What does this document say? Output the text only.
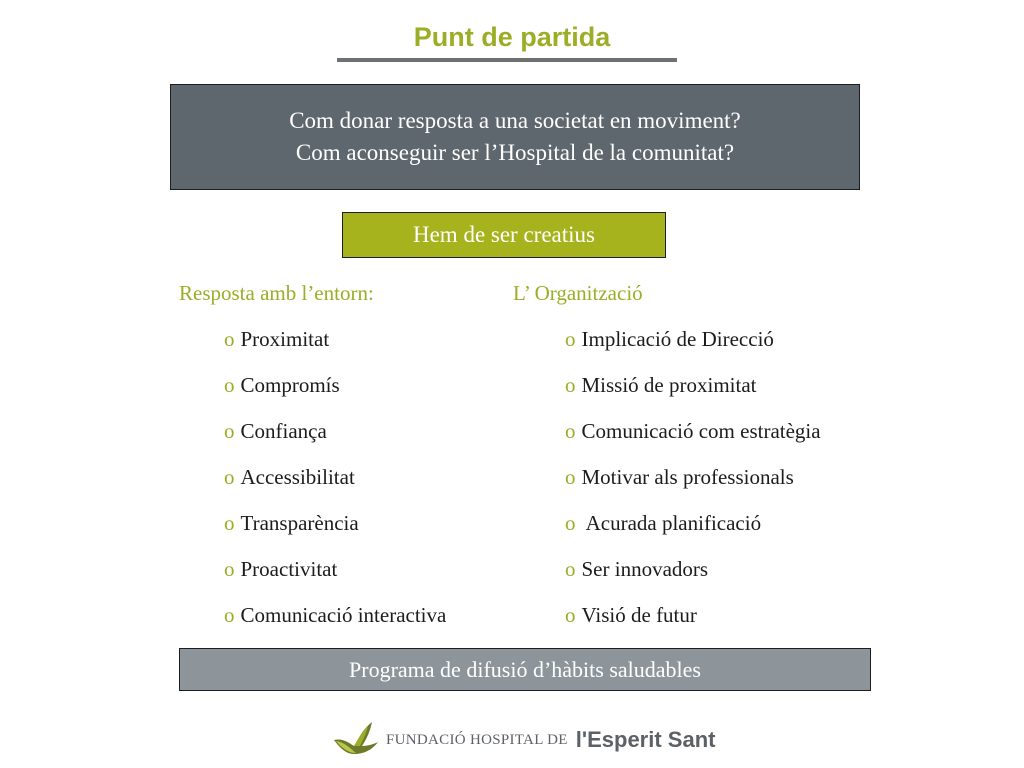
Punt de partida
Com donar resposta a una societat en moviment?
Com aconseguir ser l’Hospital de la comunitat?
Hem de ser creatius
Resposta amb l’entorn:	L’ Organització
o Proximitat
o Compromís
o Confiança
o Accessibilitat
o Transparència
o Proactivitat
o Comunicació interactiva
o Implicació de Direcció
o Missió de proximitat
o Comunicació com estratègia
o Motivar als professionals
o Acurada planificació
o Ser innovadors
o Visió de futur
Programa de difusió d’hàbits saludables
FUNDACIÓ HOSPITAL DE l'Esperit Sant
